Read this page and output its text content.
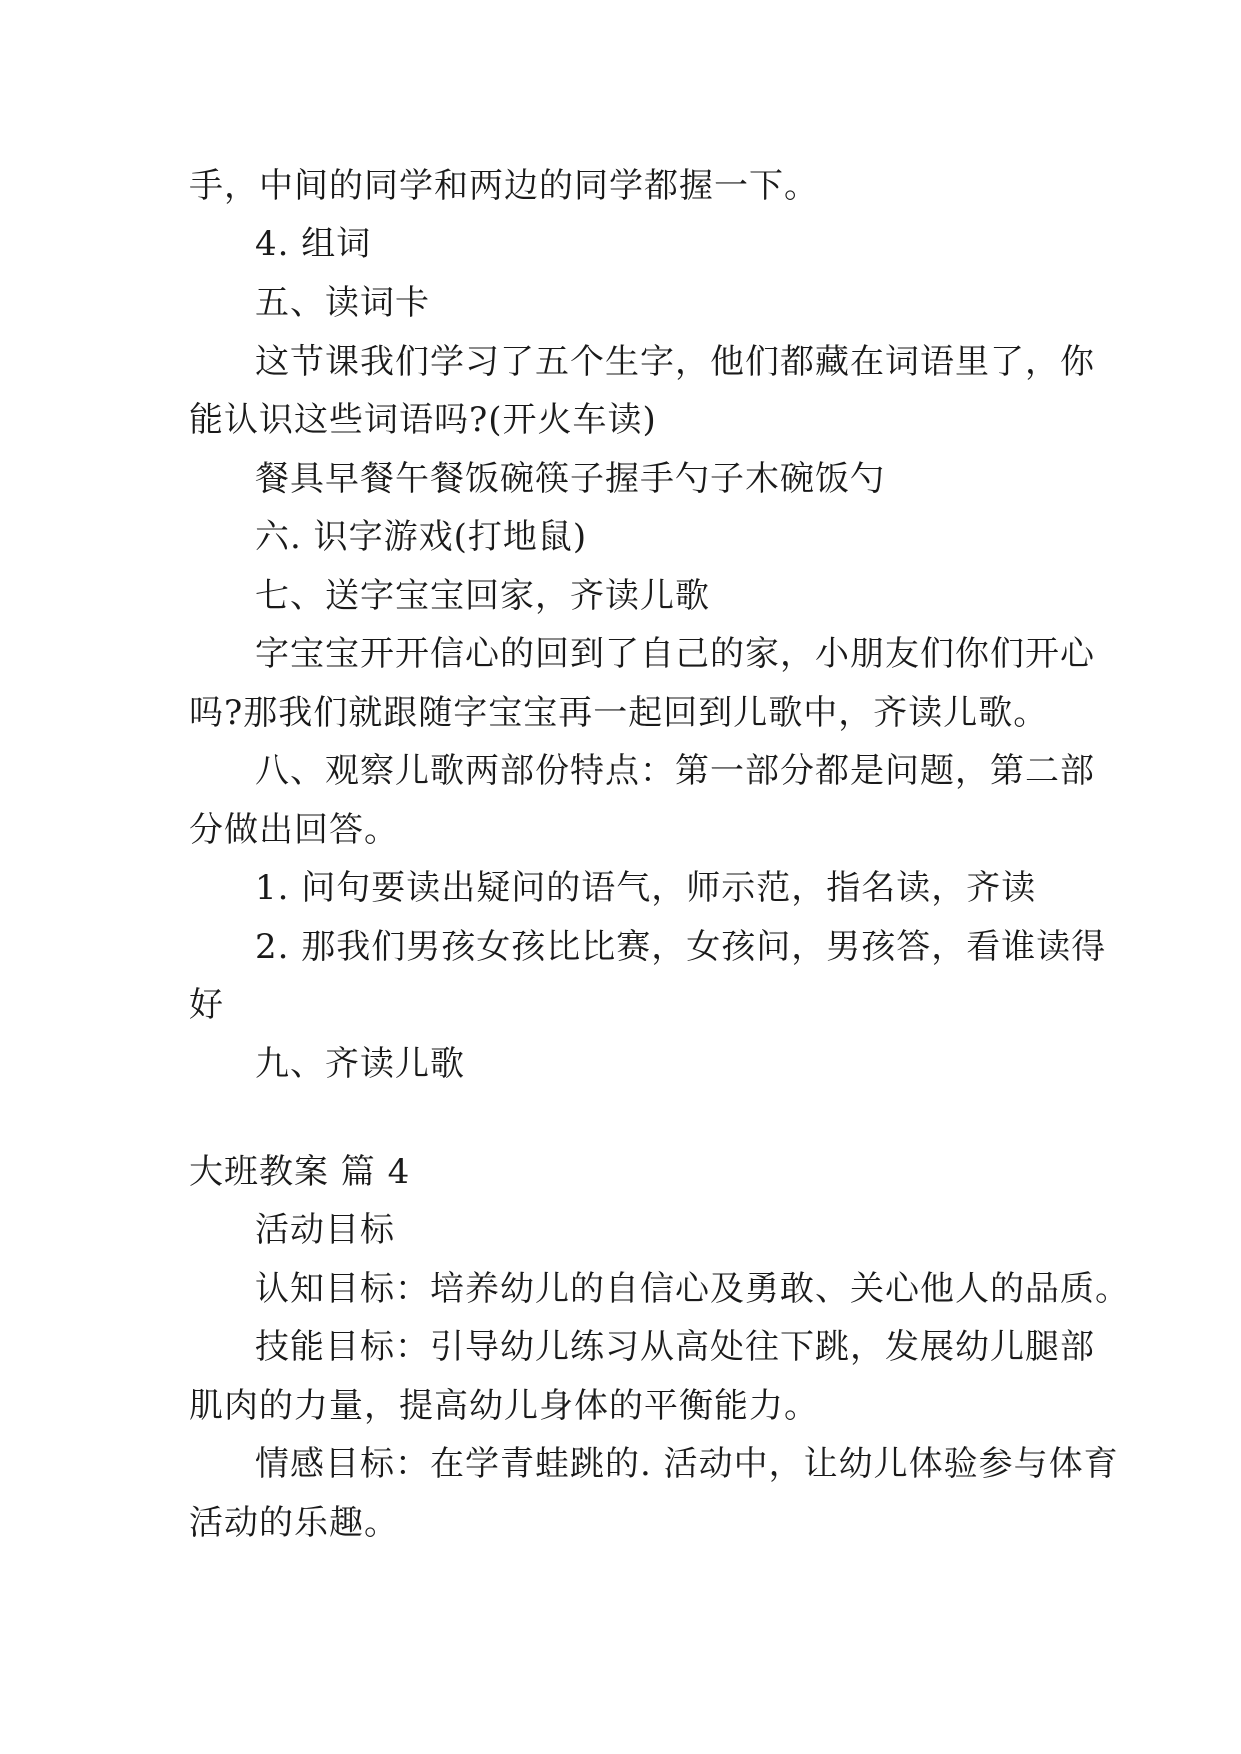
手，中间的同学和两边的同学都握一下。
4. 组词
五、读词卡
这节课我们学习了五个生字，他们都藏在词语里了，你
能认识这些词语吗?(开火车读)
餐具早餐午餐饭碗筷子握手勺子木碗饭勺
六. 识字游戏(打地鼠)
七、送字宝宝回家，齐读儿歌
字宝宝开开信心的回到了自己的家，小朋友们你们开心
吗?那我们就跟随字宝宝再一起回到儿歌中，齐读儿歌。
八、观察儿歌两部份特点：第一部分都是问题，第二部
分做出回答。
1. 问句要读出疑问的语气，师示范，指名读，齐读
2. 那我们男孩女孩比比赛，女孩问，男孩答，看谁读得
好
九、齐读儿歌
大班教案 篇 4
活动目标
认知目标：培养幼儿的自信心及勇敢、关心他人的品质。
技能目标：引导幼儿练习从高处往下跳，发展幼儿腿部
肌肉的力量，提高幼儿身体的平衡能力。
情感目标：在学青蛙跳的. 活动中，让幼儿体验参与体育
活动的乐趣。
